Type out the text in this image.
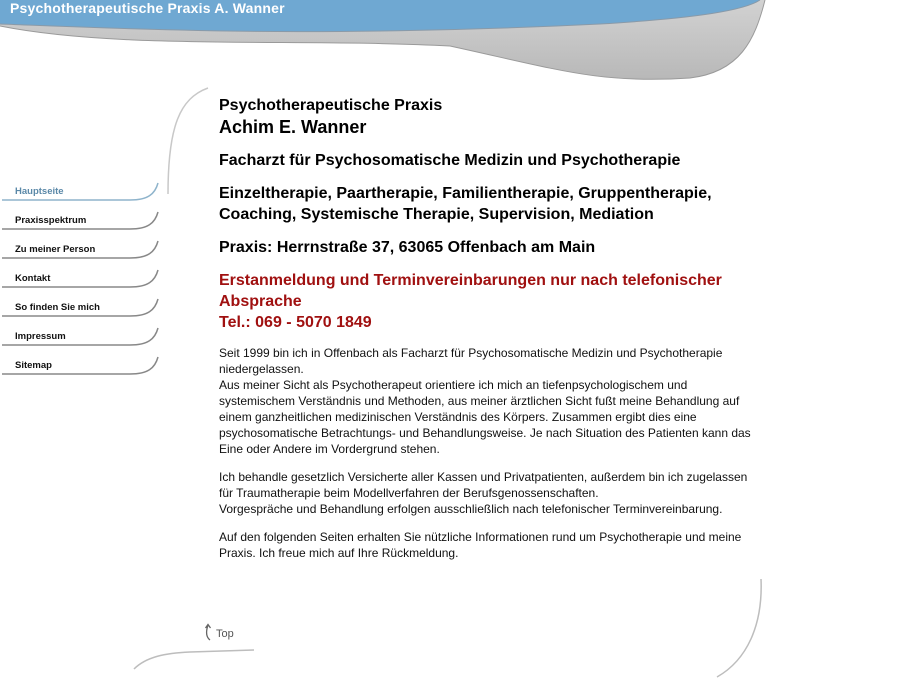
Psychotherapeutische Praxis A. Wanner
Hauptseite
Praxisspektrum
Zu meiner Person
Kontakt
So finden Sie mich
Impressum
Sitemap

Psychotherapeutische Praxis

Achim E. Wanner

Facharzt für Psychosomatische Medizin und Psychotherapie

Einzeltherapie, Paartherapie, Familientherapie, Gruppentherapie,
Coaching, Systemische Therapie, Supervision, Mediation

Praxis: Herrnstraße 37, 63065 Offenbach am Main

Erstanmeldung und Terminvereinbarungen nur nach telefonischer Absprache
Tel.: 069 - 5070 1849

Seit 1999 bin ich in Offenbach als Facharzt für Psychosomatische Medizin und Psychotherapie niedergelassen.
Aus meiner Sicht als Psychotherapeut orientiere ich mich an tiefenpsychologischem und systemischem Verständnis und Methoden, aus meiner ärztlichen Sicht fußt meine Behandlung auf einem ganzheitlichen medizinischen Verständnis des Körpers. Zusammen ergibt dies eine psychosomatische Betrachtungs- und Behandlungsweise. Je nach Situation des Patienten kann das Eine oder Andere im Vordergrund stehen.

Ich behandle gesetzlich Versicherte aller Kassen und Privatpatienten, außerdem bin ich zugelassen für Traumatherapie beim Modellverfahren der Berufsgenossenschaften.
Vorgespräche und Behandlung erfolgen ausschließlich nach telefonischer Terminvereinbarung.

Auf den folgenden Seiten erhalten Sie nützliche Informationen rund um Psychotherapie und meine Praxis. Ich freue mich auf Ihre Rückmeldung.

Top
